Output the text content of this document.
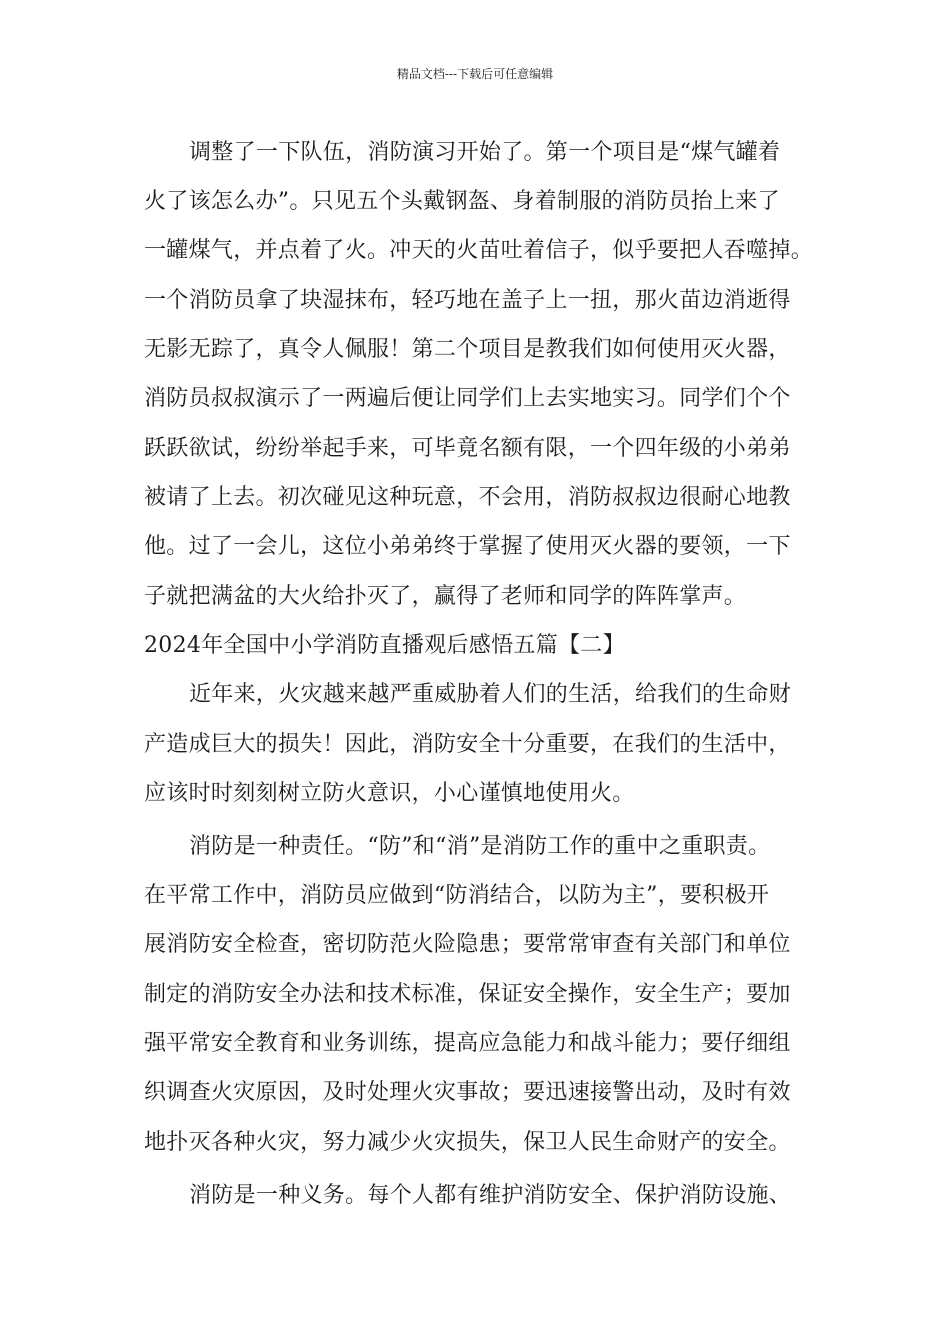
精品文档---下载后可任意编辑
调整了一下队伍，消防演习开始了。第一个项目是“煤气罐着
火了该怎么办”。只见五个头戴钢盔、身着制服的消防员抬上来了
一罐煤气，并点着了火。冲天的火苗吐着信子，似乎要把人吞噬掉。
一个消防员拿了块湿抹布，轻巧地在盖子上一扭，那火苗边消逝得
无影无踪了，真令人佩服！第二个项目是教我们如何使用灭火器，
消防员叔叔演示了一两遍后便让同学们上去实地实习。同学们个个
跃跃欲试，纷纷举起手来，可毕竟名额有限，一个四年级的小弟弟
被请了上去。初次碰见这种玩意，不会用，消防叔叔边很耐心地教
他。过了一会儿，这位小弟弟终于掌握了使用灭火器的要领，一下
子就把满盆的大火给扑灭了，赢得了老师和同学的阵阵掌声。
2024年全国中小学消防直播观后感悟五篇【二】
近年来，火灾越来越严重威胁着人们的生活，给我们的生命财
产造成巨大的损失！因此，消防安全十分重要，在我们的生活中，
应该时时刻刻树立防火意识，小心谨慎地使用火。
消防是一种责任。“防”和“消”是消防工作的重中之重职责。
在平常工作中，消防员应做到“防消结合，以防为主”，要积极开
展消防安全检查，密切防范火险隐患；要常常审查有关部门和单位
制定的消防安全办法和技术标准，保证安全操作，安全生产；要加
强平常安全教育和业务训练，提高应急能力和战斗能力；要仔细组
织调查火灾原因，及时处理火灾事故；要迅速接警出动，及时有效
地扑灭各种火灾，努力减少火灾损失，保卫人民生命财产的安全。
消防是一种义务。每个人都有维护消防安全、保护消防设施、
